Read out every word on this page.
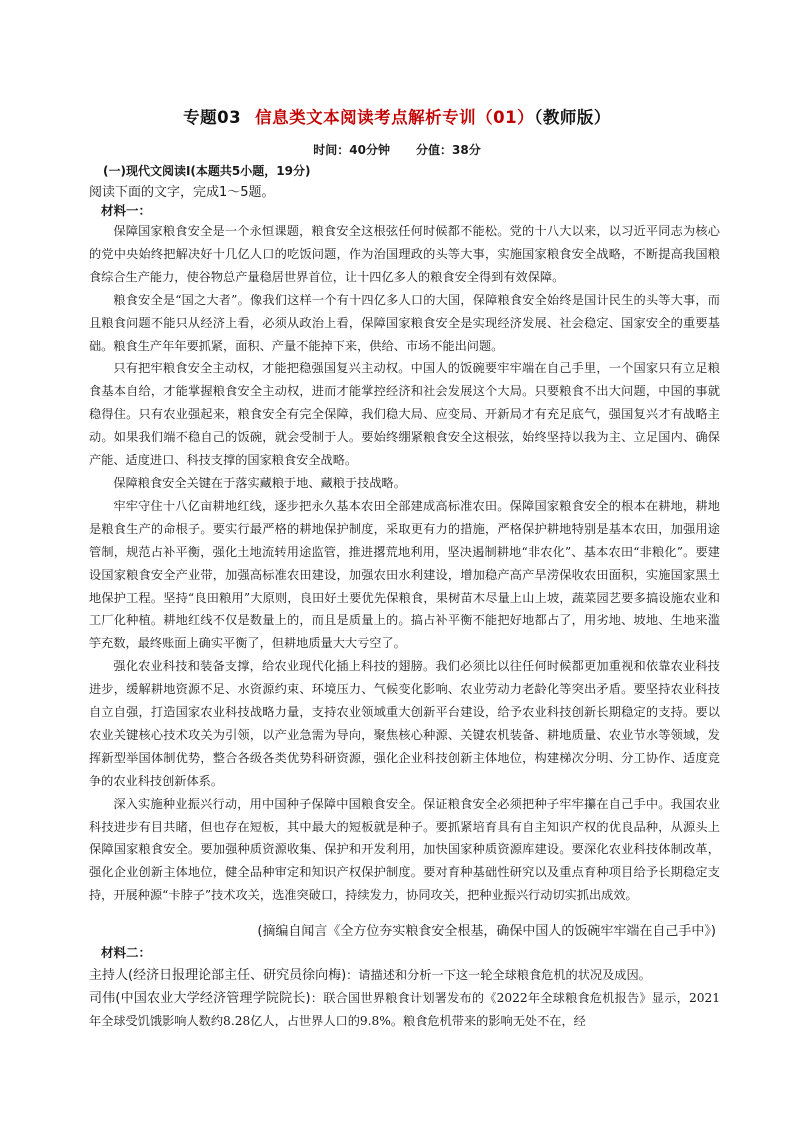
专题03 信息类文本阅读考点解析专训（01）（教师版）
时间：40分钟 分值：38分
(一)现代文阅读Ⅰ(本题共5小题，19分)
阅读下面的文字，完成1～5题。
材料一：

保障国家粮食安全是一个永恒课题，粮食安全这根弦任何时候都不能松。党的十八大以来，以习近平同志为核心的党中央始终把解决好十几亿人口的吃饭问题，作为治国理政的头等大事，实施国家粮食安全战略，不断提高我国粮食综合生产能力，使谷物总产量稳居世界首位，让十四亿多人的粮食安全得到有效保障。

粮食安全是“国之大者”。像我们这样一个有十四亿多人口的大国，保障粮食安全始终是国计民生的头等大事，而且粮食问题不能只从经济上看，必须从政治上看，保障国家粮食安全是实现经济发展、社会稳定、国家安全的重要基础。粮食生产年年要抓紧，面积、产量不能掉下来，供给、市场不能出问题。

只有把牢粮食安全主动权，才能把稳强国复兴主动权。中国人的饭碗要牢牢端在自己手里，一个国家只有立足粮食基本自给，才能掌握粮食安全主动权，进而才能掌控经济和社会发展这个大局。只要粮食不出大问题，中国的事就稳得住。只有农业强起来，粮食安全有完全保障，我们稳大局、应变局、开新局才有充足底气，强国复兴才有战略主动。如果我们端不稳自己的饭碗，就会受制于人。要始终绷紧粮食安全这根弦，始终坚持以我为主、立足国内、确保产能、适度进口、科技支撑的国家粮食安全战略。

保障粮食安全关键在于落实藏粮于地、藏粮于技战略。

牢牢守住十八亿亩耕地红线，逐步把永久基本农田全部建成高标准农田。保障国家粮食安全的根本在耕地，耕地是粮食生产的命根子。要实行最严格的耕地保护制度，采取更有力的措施，严格保护耕地特别是基本农田，加强用途管制，规范占补平衡，强化土地流转用途监管，推进撂荒地利用，坚决遏制耕地“非农化”、基本农田“非粮化”。要建设国家粮食安全产业带，加强高标准农田建设，加强农田水利建设，增加稳产高产旱涝保收农田面积，实施国家黑土地保护工程。坚持“良田粮用”大原则，良田好土要优先保粮食，果树苗木尽量上山上坡，蔬菜园艺要多搞设施农业和工厂化种植。耕地红线不仅是数量上的，而且是质量上的。搞占补平衡不能把好地都占了，用劣地、坡地、生地来滥竽充数，最终账面上确实平衡了，但耕地质量大大亏空了。

强化农业科技和装备支撑，给农业现代化插上科技的翅膀。我们必须比以往任何时候都更加重视和依靠农业科技进步，缓解耕地资源不足、水资源约束、环境压力、气候变化影响、农业劳动力老龄化等突出矛盾。要坚持农业科技自立自强，打造国家农业科技战略力量，支持农业领域重大创新平台建设，给予农业科技创新长期稳定的支持。要以农业关键核心技术攻关为引领，以产业急需为导向，聚焦核心种源、关键农机装备、耕地质量、农业节水等领域，发挥新型举国体制优势，整合各级各类优势科研资源，强化企业科技创新主体地位，构建梯次分明、分工协作、适度竞争的农业科技创新体系。

深入实施种业振兴行动，用中国种子保障中国粮食安全。保证粮食安全必须把种子牢牢攥在自己手中。我国农业科技进步有目共睹，但也存在短板，其中最大的短板就是种子。要抓紧培育具有自主知识产权的优良品种，从源头上保障国家粮食安全。要加强种质资源收集、保护和开发利用，加快国家种质资源库建设。要深化农业科技体制改革，强化企业创新主体地位，健全品种审定和知识产权保护制度。要对育种基础性研究以及重点育种项目给予长期稳定支持，开展种源“卡脖子”技术攻关，选准突破口，持续发力，协同攻关，把种业振兴行动切实抓出成效。

(摘编自闻言《全方位夯实粮食安全根基，确保中国人的饭碗牢牢端在自己手中》)
材料二：

主持人(经济日报理论部主任、研究员徐向梅)：请描述和分析一下这一轮全球粮食危机的状况及成因。

司伟(中国农业大学经济管理学院院长)：联合国世界粮食计划署发布的《2022年全球粮食危机报告》显示，2021年全球受饥饿影响人数约8.28亿人，占世界人口的9.8%。粮食危机带来的影响无处不在，经
